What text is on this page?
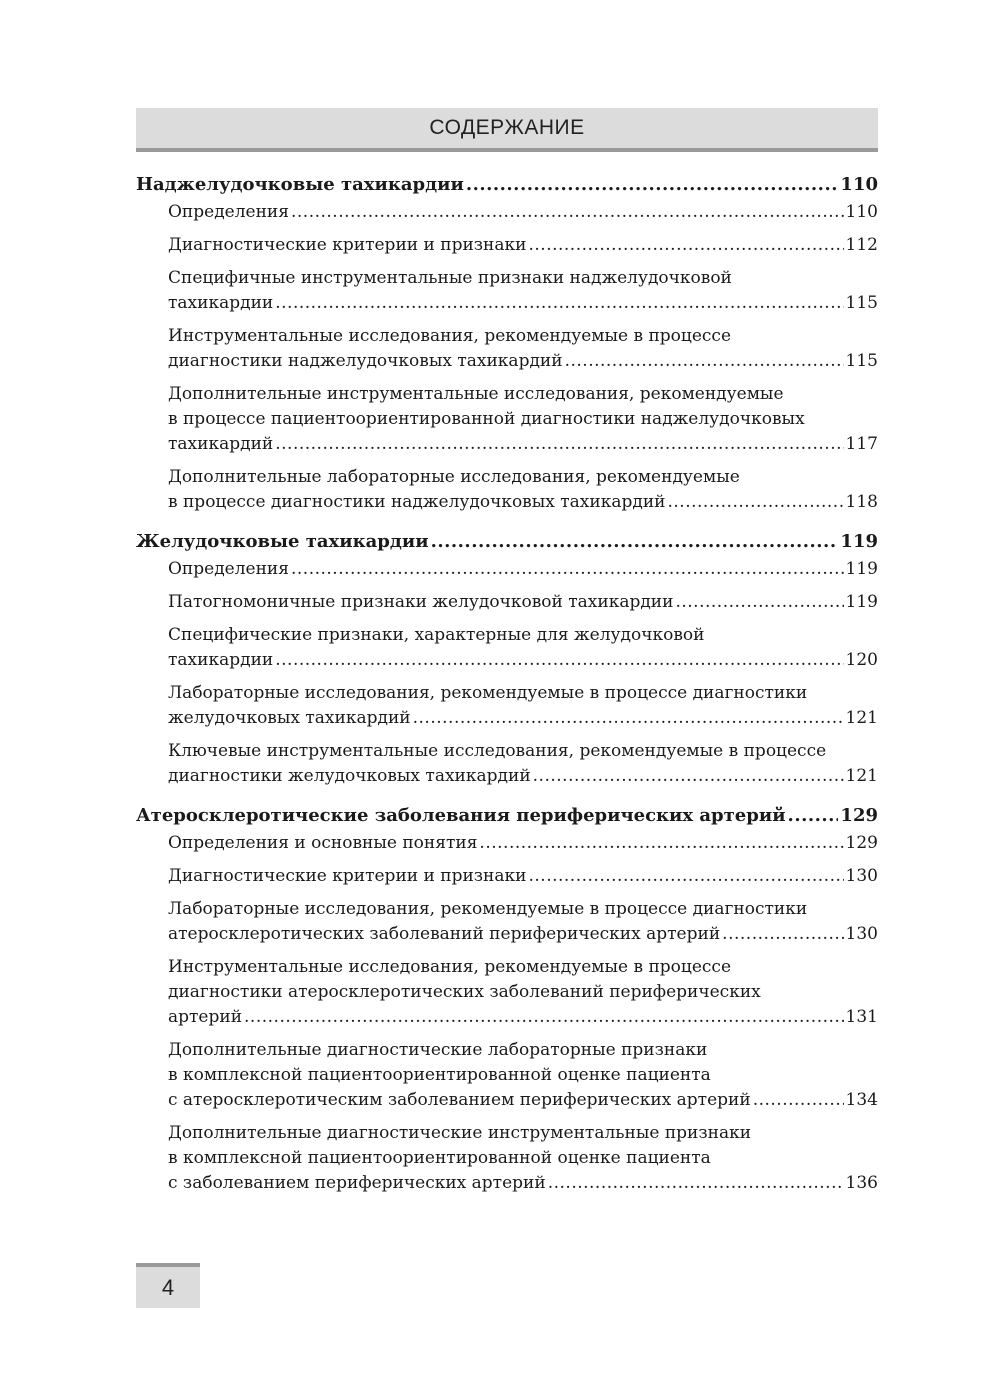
СОДЕРЖАНИЕ
Наджелудочковые тахикардии .....	110
Определения .....	110
Диагностические критерии и признаки .....	112
Специфичные инструментальные признаки наджелудочковой
тахикардии .....	115
Инструментальные исследования, рекомендуемые в процессе
диагностики наджелудочковых тахикардий .....	115
Дополнительные инструментальные исследования, рекомендуемые
в процессе пациентоориентированной диагностики наджелудочковых
тахикардий .....	117
Дополнительные лабораторные исследования, рекомендуемые
в процессе диагностики наджелудочковых тахикардий .....	118
Желудочковые тахикардии .....	119
Определения .....	119
Патогномоничные признаки желудочковой тахикардии .....	119
Специфические признаки, характерные для желудочковой
тахикардии .....	120
Лабораторные исследования, рекомендуемые в процессе диагностики
желудочковых тахикардий .....	121
Ключевые инструментальные исследования, рекомендуемые в процессе
диагностики желудочковых тахикардий .....	121
Атеросклеротические заболевания периферических артерий .....	129
Определения и основные понятия .....	129
Диагностические критерии и признаки .....	130
Лабораторные исследования, рекомендуемые в процессе диагностики
атеросклеротических заболеваний периферических артерий .....	130
Инструментальные исследования, рекомендуемые в процессе
диагностики атеросклеротических заболеваний периферических
артерий .....	131
Дополнительные диагностические лабораторные признаки
в комплексной пациентоориентированной оценке пациента
с атеросклеротическим заболеванием периферических артерий .....	134
Дополнительные диагностические инструментальные признаки
в комплексной пациентоориентированной оценке пациента
с заболеванием периферических артерий .....	136
4
